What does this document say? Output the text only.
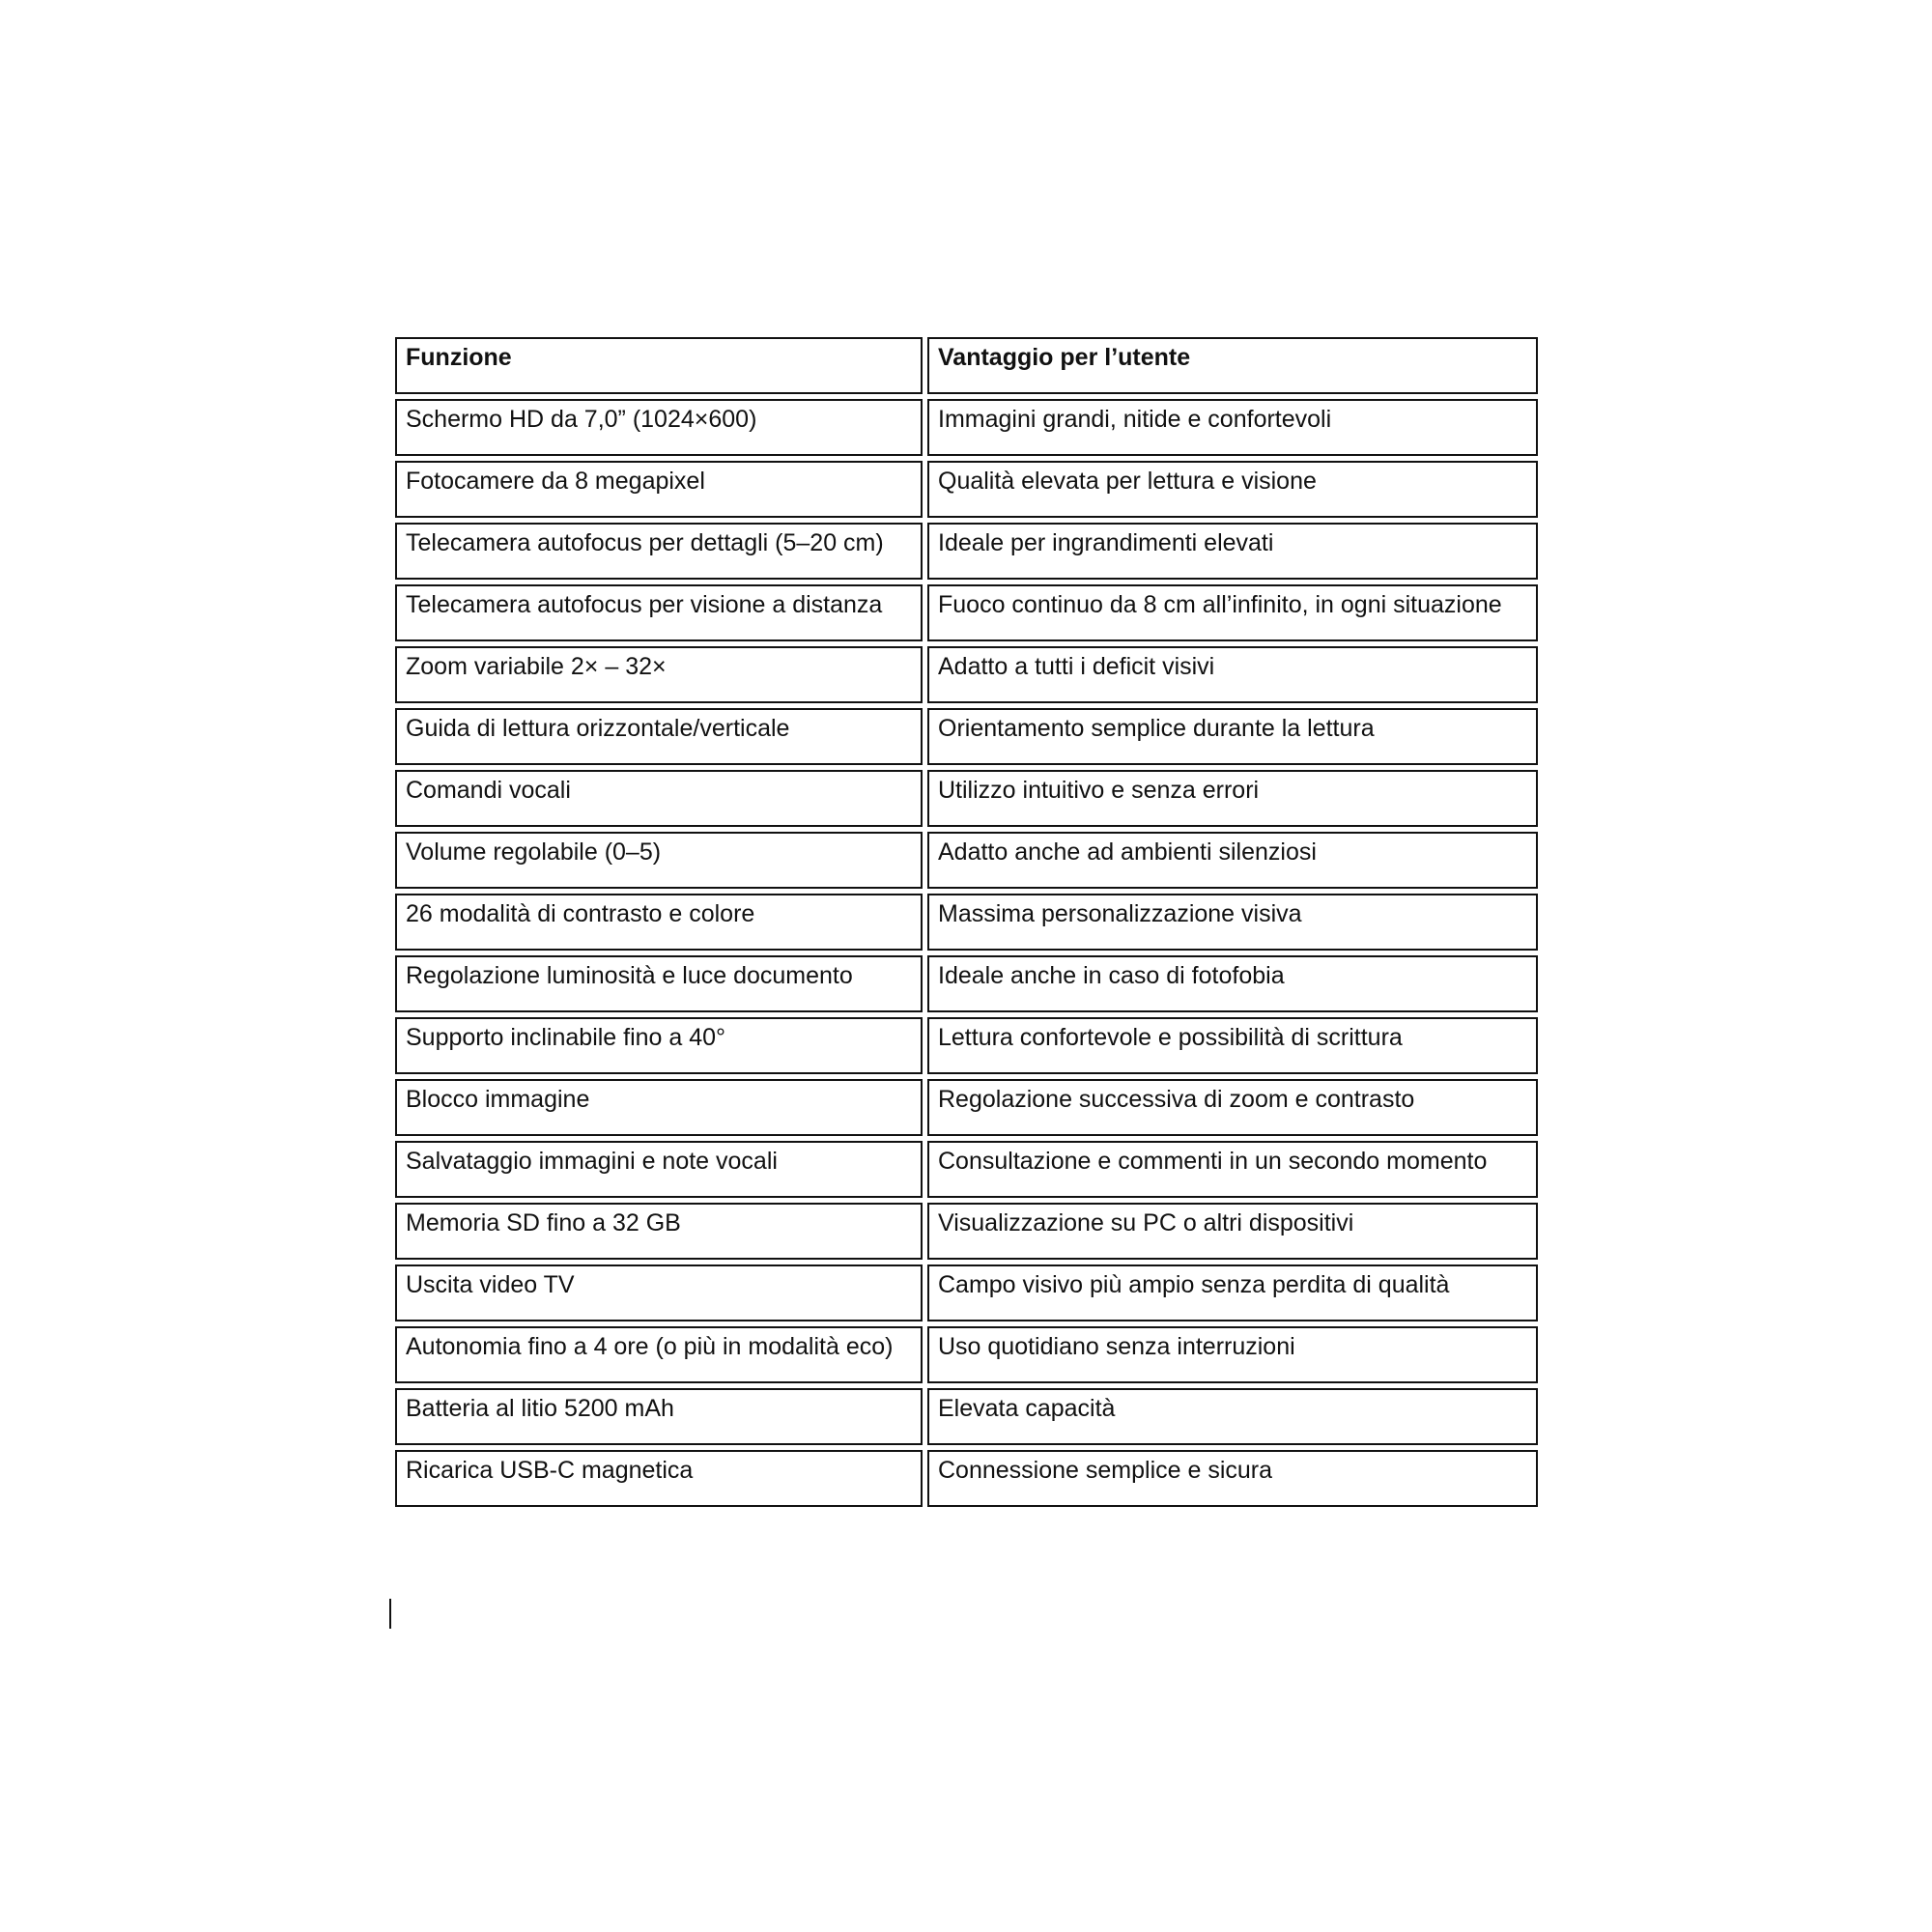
Funzione	Vantaggio per l’utente
Schermo HD da 7,0” (1024×600)	Immagini grandi, nitide e confortevoli
Fotocamere da 8 megapixel	Qualità elevata per lettura e visione
Telecamera autofocus per dettagli (5–20 cm)	Ideale per ingrandimenti elevati
Telecamera autofocus per visione a distanza	Fuoco continuo da 8 cm all’infinito, in ogni situazione
Zoom variabile 2× – 32×	Adatto a tutti i deficit visivi
Guida di lettura orizzontale/verticale	Orientamento semplice durante la lettura
Comandi vocali	Utilizzo intuitivo e senza errori
Volume regolabile (0–5)	Adatto anche ad ambienti silenziosi
26 modalità di contrasto e colore	Massima personalizzazione visiva
Regolazione luminosità e luce documento	Ideale anche in caso di fotofobia
Supporto inclinabile fino a 40°	Lettura confortevole e possibilità di scrittura
Blocco immagine	Regolazione successiva di zoom e contrasto
Salvataggio immagini e note vocali	Consultazione e commenti in un secondo momento
Memoria SD fino a 32 GB	Visualizzazione su PC o altri dispositivi
Uscita video TV	Campo visivo più ampio senza perdita di qualità
Autonomia fino a 4 ore (o più in modalità eco)	Uso quotidiano senza interruzioni
Batteria al litio 5200 mAh	Elevata capacità
Ricarica USB-C magnetica	Connessione semplice e sicura
